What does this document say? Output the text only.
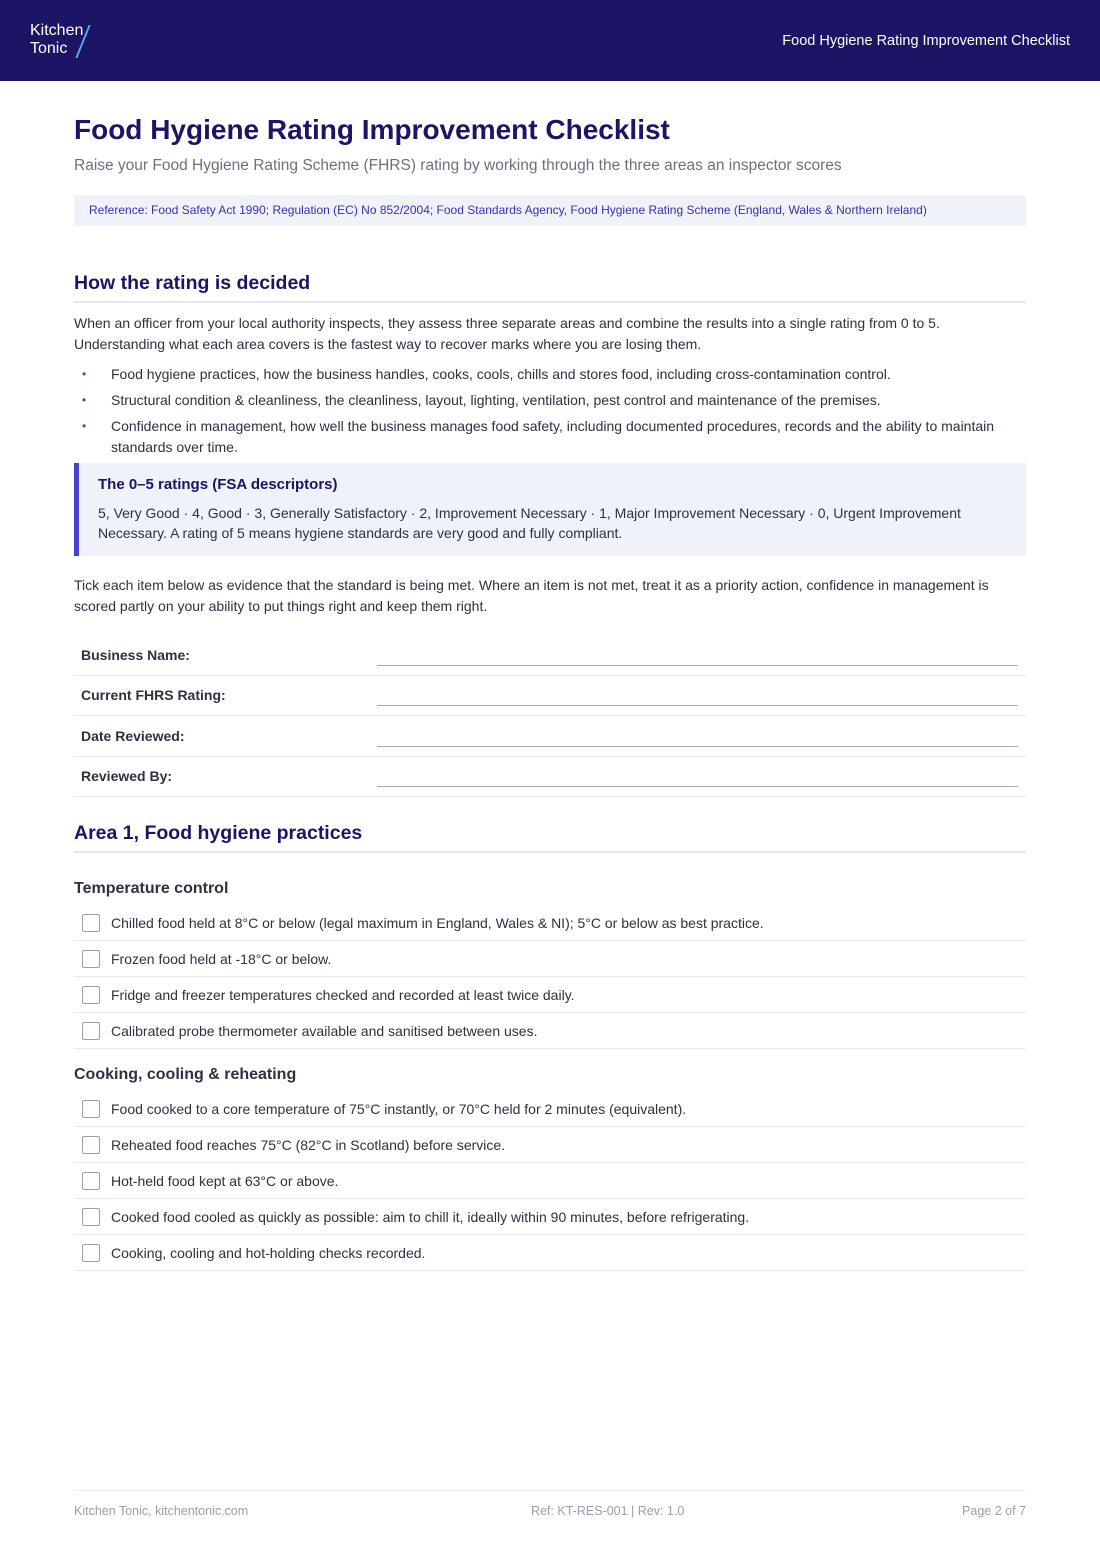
Kitchen
Tonic	Food Hygiene Rating Improvement Checklist
Food Hygiene Rating Improvement Checklist
Raise your Food Hygiene Rating Scheme (FHRS) rating by working through the three areas an inspector scores
Reference: Food Safety Act 1990; Regulation (EC) No 852/2004; Food Standards Agency, Food Hygiene Rating Scheme (England, Wales & Northern Ireland)
How the rating is decided

When an officer from your local authority inspects, they assess three separate areas and combine the results into a single rating from 0 to 5. Understanding what each area covers is the fastest way to recover marks where you are losing them.

• Food hygiene practices, how the business handles, cooks, cools, chills and stores food, including cross-contamination control.
• Structural condition & cleanliness, the cleanliness, layout, lighting, ventilation, pest control and maintenance of the premises.
• Confidence in management, how well the business manages food safety, including documented procedures, records and the ability to maintain standards over time.
The 0–5 ratings (FSA descriptors)
5, Very Good · 4, Good · 3, Generally Satisfactory · 2, Improvement Necessary · 1, Major Improvement Necessary · 0, Urgent Improvement Necessary. A rating of 5 means hygiene standards are very good and fully compliant.

Tick each item below as evidence that the standard is being met. Where an item is not met, treat it as a priority action, confidence in management is scored partly on your ability to put things right and keep them right.

Business Name:
Current FHRS Rating:
Date Reviewed:
Reviewed By:
Area 1, Food hygiene practices
Temperature control
Chilled food held at 8°C or below (legal maximum in England, Wales & NI); 5°C or below as best practice.
Frozen food held at -18°C or below.
Fridge and freezer temperatures checked and recorded at least twice daily.
Calibrated probe thermometer available and sanitised between uses.
Cooking, cooling & reheating
Food cooked to a core temperature of 75°C instantly, or 70°C held for 2 minutes (equivalent).
Reheated food reaches 75°C (82°C in Scotland) before service.
Hot-held food kept at 63°C or above.
Cooked food cooled as quickly as possible: aim to chill it, ideally within 90 minutes, before refrigerating.
Cooking, cooling and hot-holding checks recorded.
Kitchen Tonic, kitchentonic.com	Ref: KT-RES-001 | Rev: 1.0	Page 2 of 7
